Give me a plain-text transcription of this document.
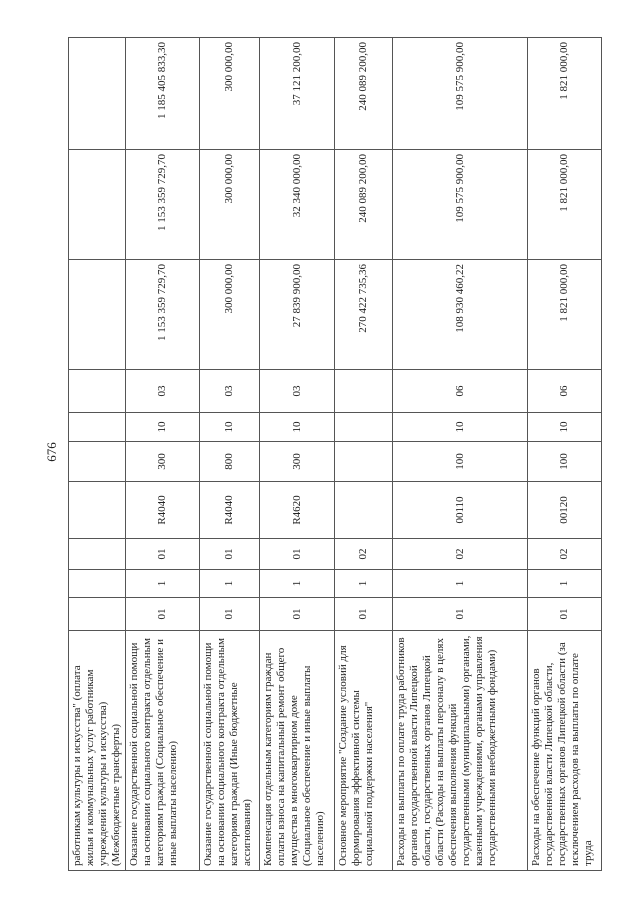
676
работникам культуры и искусства" (оплата жилья и коммунальных услуг работникам учреждений культуры и искусства) (Межбюджетные трансферты)										
Оказание государственной социальной помощи на основании социального контракта отдельным категориям граждан (Социальное обеспечение и иные выплаты населению)	01	1	01	R4040	300	10	03	1 153 359 729,70	1 153 359 729,70	1 185 405 833,30
Оказание государственной социальной помощи на основании социального контракта отдельным категориям граждан (Иные бюджетные ассигнования)	01	1	01	R4040	800	10	03	300 000,00	300 000,00	300 000,00
Компенсация отдельным категориям граждан оплаты взноса на капитальный ремонт общего имущества в многоквартирном доме (Социальное обеспечение и иные выплаты населению)	01	1	01	R4620	300	10	03	27 839 900,00	32 340 000,00	37 121 200,00
Основное мероприятие "Создание условий для формирования эффективной системы социальной поддержки населения"	01	1	02					270 422 735,36	240 089 200,00	240 089 200,00
Расходы на выплаты по оплате труда работников органов государственной власти Липецкой области, государственных органов Липецкой области (Расходы на выплаты персоналу в целях обеспечения выполнения функций государственными (муниципальными) органами, казенными учреждениями, органами управления государственными внебюджетными фондами)	01	1	02	00110	100	10	06	108 930 460,22	109 575 900,00	109 575 900,00
Расходы на обеспечение функций органов государственной власти Липецкой области, государственных органов Липецкой области (за исключением расходов на выплаты по оплате труда	01	1	02	00120	100	10	06	1 821 000,00	1 821 000,00	1 821 000,00
